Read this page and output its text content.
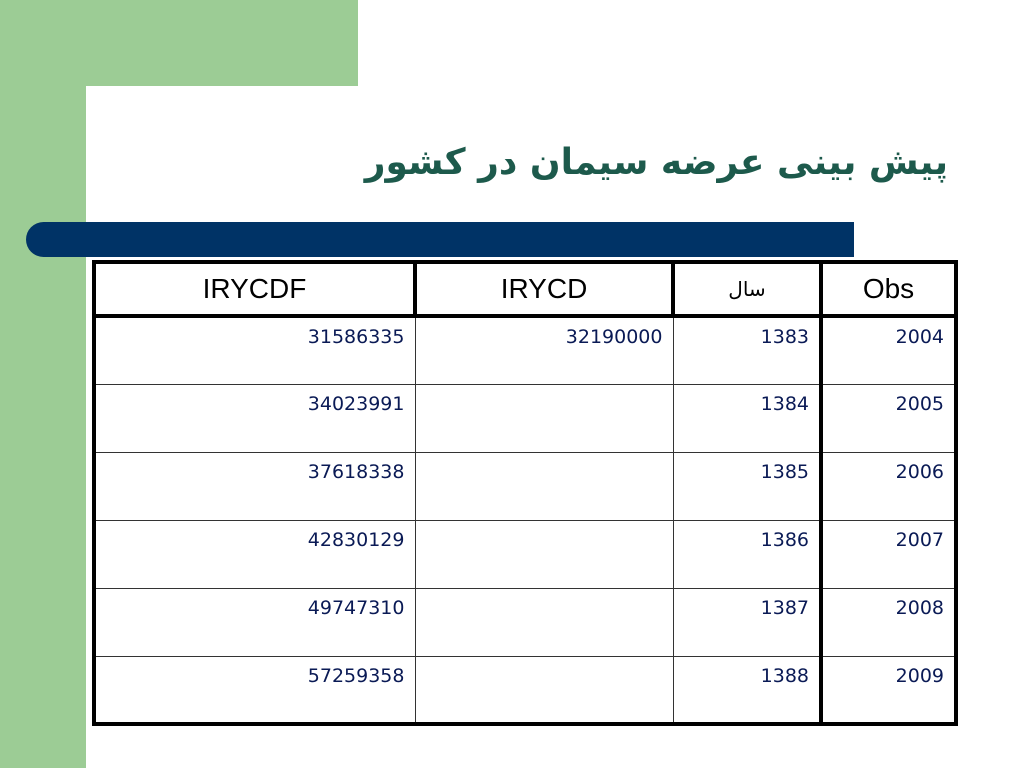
پیش بینی عرضه سیمان در کشور
IRYCDF	IRYCD	سال	Obs
31586335	32190000	1383	2004
34023991		1384	2005
37618338		1385	2006
42830129		1386	2007
49747310		1387	2008
57259358		1388	2009
